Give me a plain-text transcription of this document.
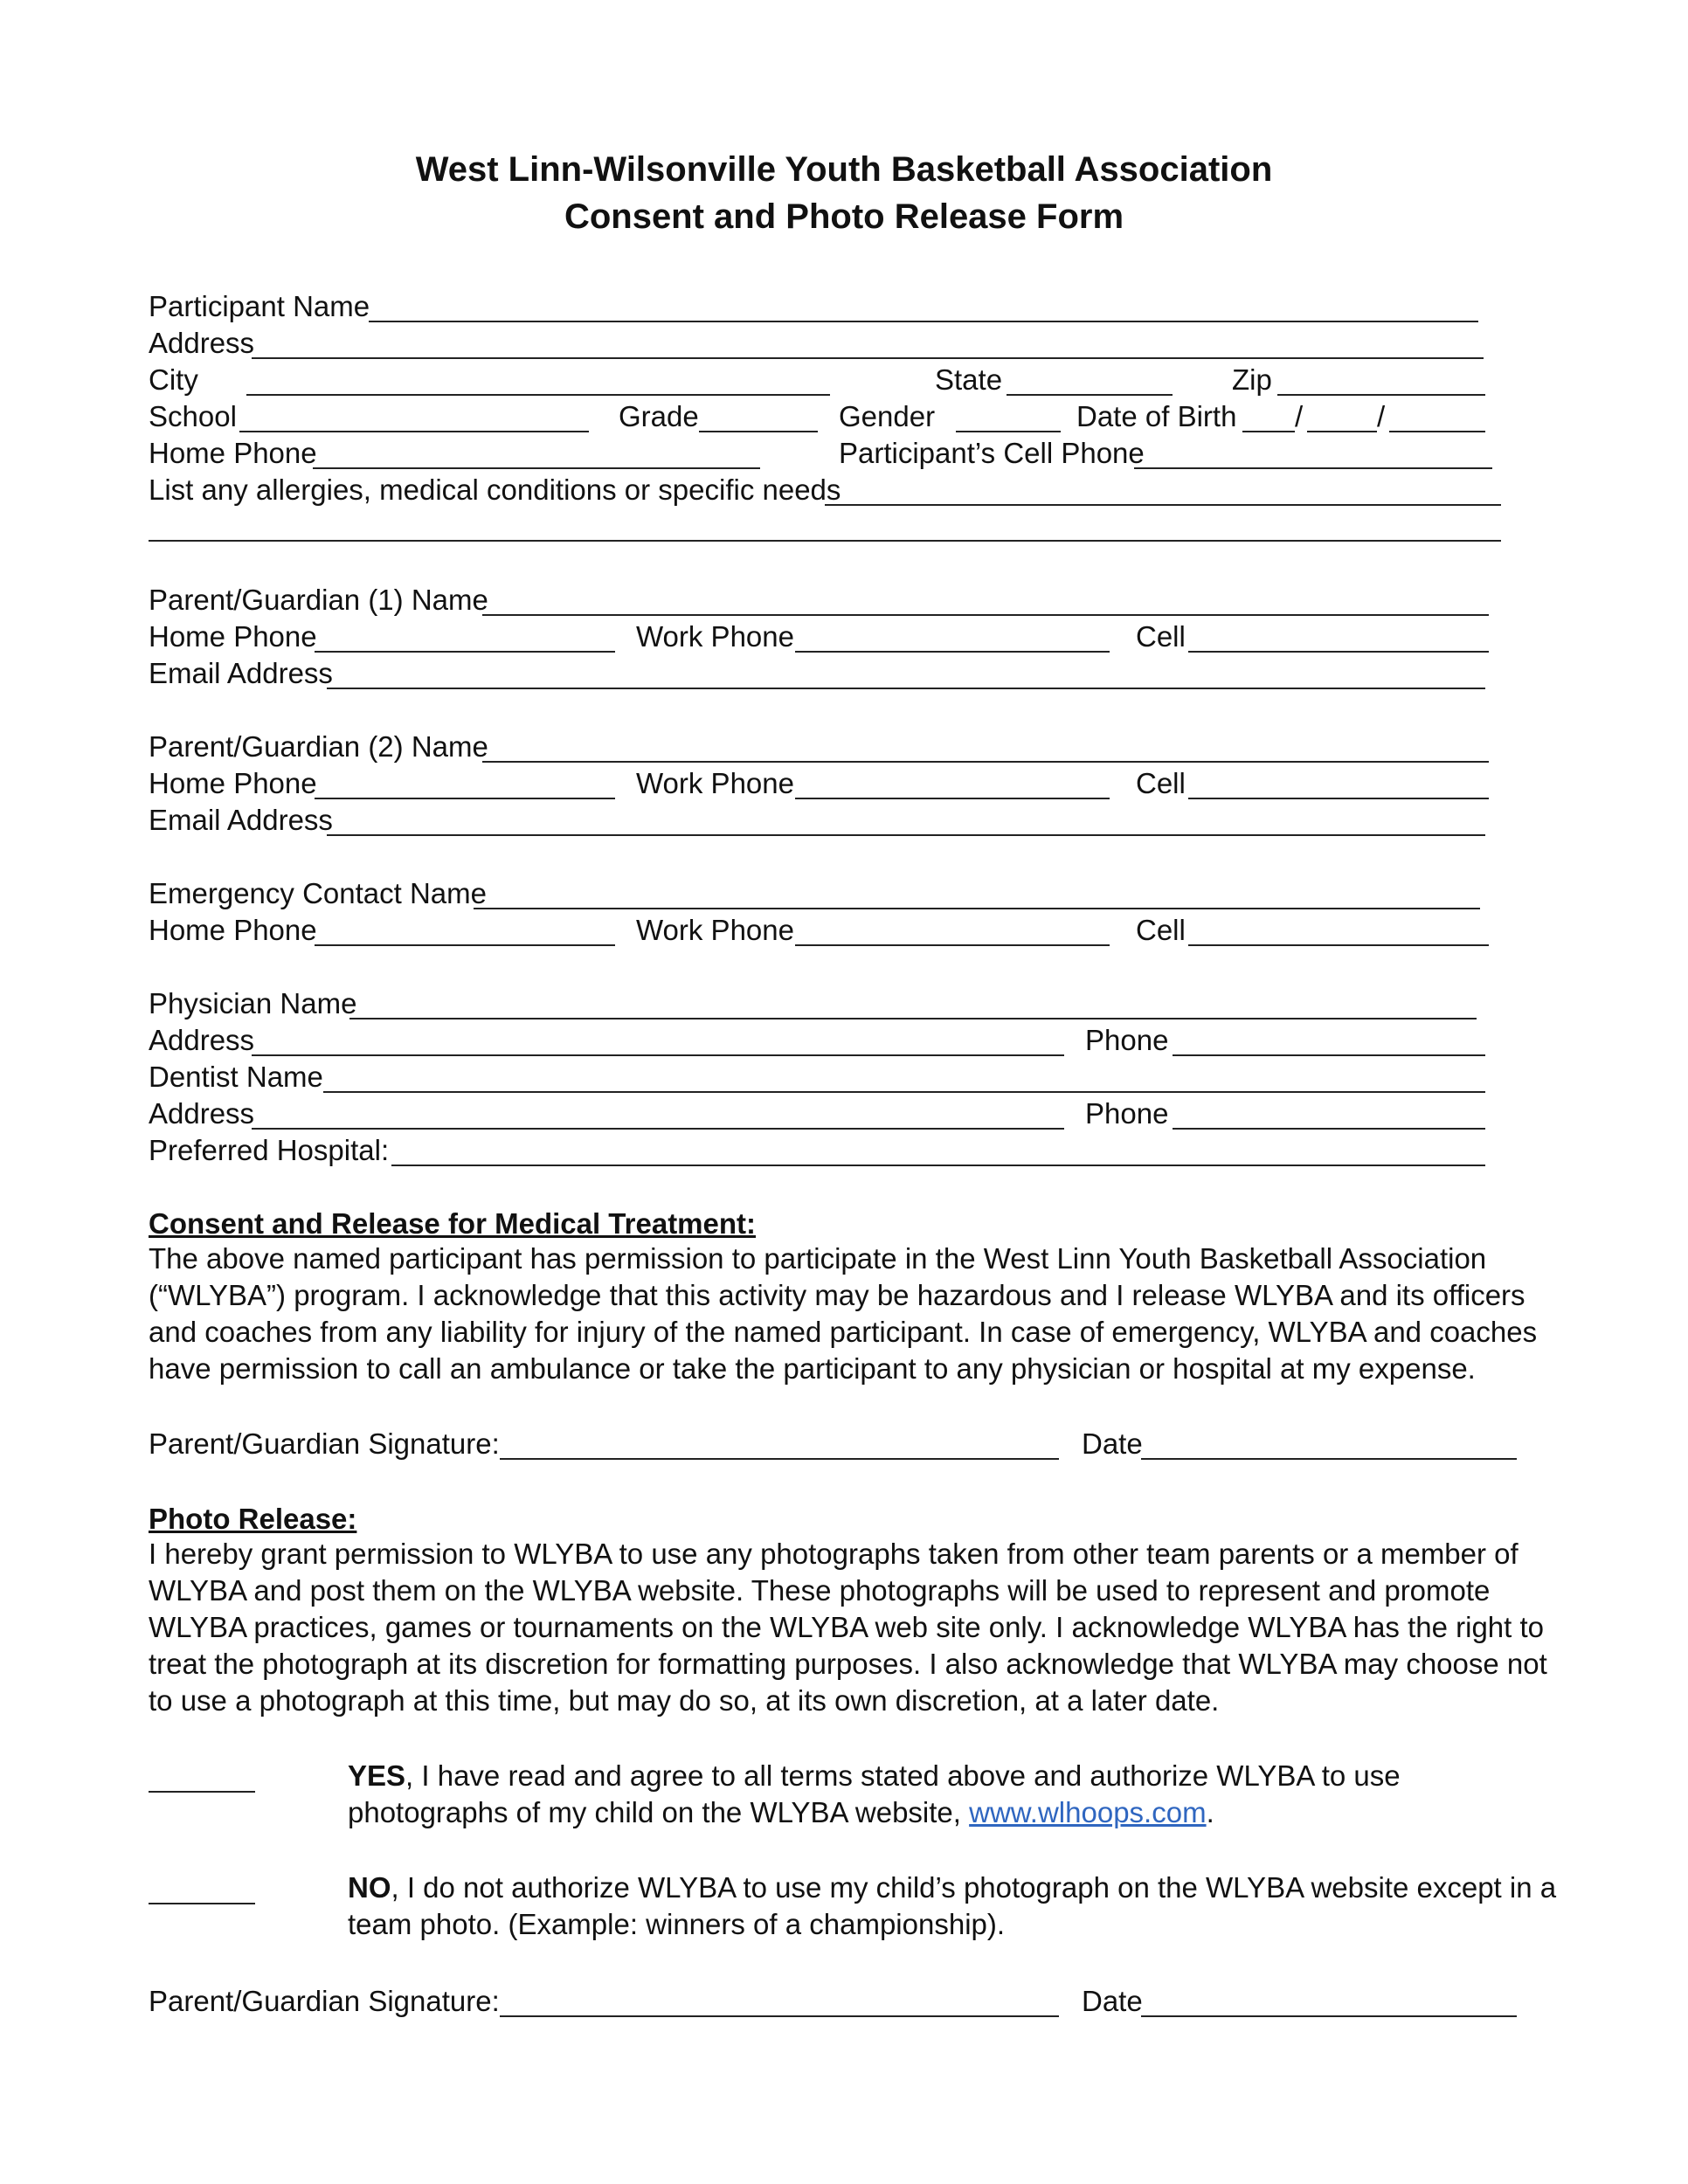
West Linn-Wilsonville Youth Basketball Association
Consent and Photo Release Form
Participant Name
Address
City	State	Zip
School	Grade	Gender	Date of Birth /	/
Home Phone	Participant’s Cell Phone
List any allergies, medical conditions or specific needs
Parent/Guardian (1) Name
Home Phone	Work Phone	Cell
Email Address
Parent/Guardian (2) Name
Home Phone	Work Phone	Cell
Email Address
Emergency Contact Name
Home Phone	Work Phone	Cell
Physician Name
Address	Phone
Dentist Name
Address	Phone
Preferred Hospital:
Consent and Release for Medical Treatment:
The above named participant has permission to participate in the West Linn Youth Basketball Association (“WLYBA”) program. I acknowledge that this activity may be hazardous and I release WLYBA and its officers and coaches from any liability for injury of the named participant. In case of emergency, WLYBA and coaches have permission to call an ambulance or take the participant to any physician or hospital at my expense.
Parent/Guardian Signature:	Date
Photo Release:
I hereby grant permission to WLYBA to use any photographs taken from other team parents or a member of WLYBA and post them on the WLYBA website. These photographs will be used to represent and promote WLYBA practices, games or tournaments on the WLYBA web site only. I acknowledge WLYBA has the right to treat the photograph at its discretion for formatting purposes. I also acknowledge that WLYBA may choose not to use a photograph at this time, but may do so, at its own discretion, at a later date.
YES, I have read and agree to all terms stated above and authorize WLYBA to use photographs of my child on the WLYBA website, www.wlhoops.com.
NO, I do not authorize WLYBA to use my child’s photograph on the WLYBA website except in a team photo. (Example: winners of a championship).
Parent/Guardian Signature:	Date
